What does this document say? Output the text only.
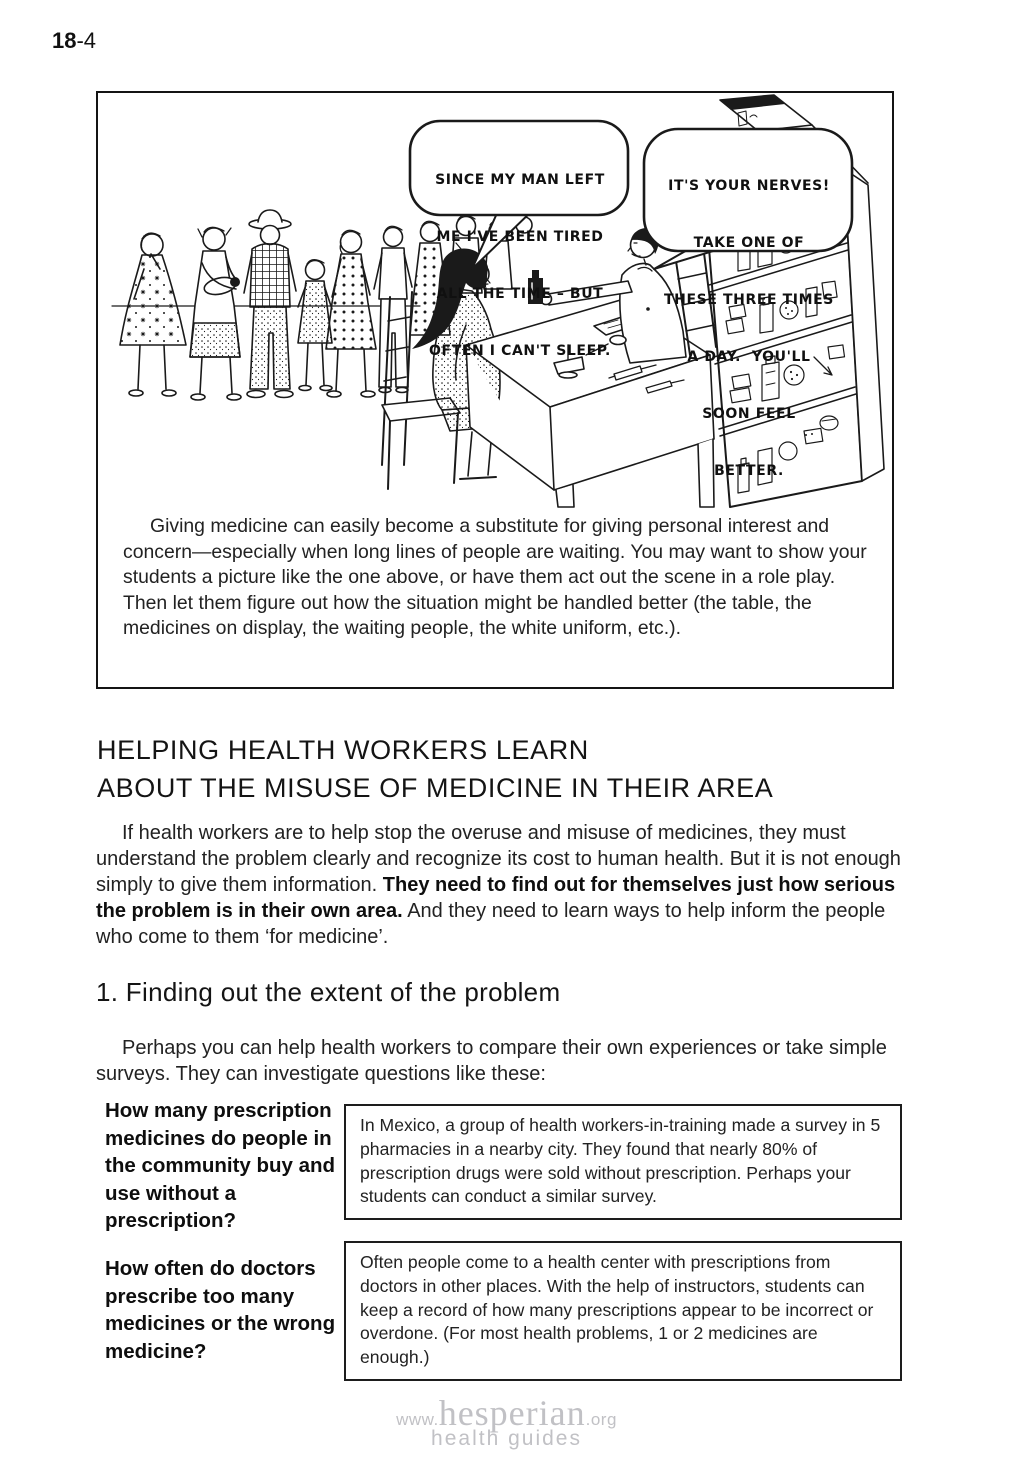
18-4

SINCE MY MAN LEFT

ME I'VE BEEN TIRED

ALL THE TIME – BUT

OFTEN I CAN'T SLEEP.

IT'S YOUR NERVES!

TAKE ONE OF

THESE THREE TIMES

A DAY.  YOU'LL

SOON FEEL

BETTER.

Giving medicine can easily become a substitute for giving personal interest and concern—especially when long lines of people are waiting. You may want to show your students a picture like the one above, or have them act out the scene in a role play. Then let them figure out how the situation might be handled better (the table, the medicines on display, the waiting people, the white uniform, etc.).

HELPING HEALTH WORKERS LEARN
ABOUT THE MISUSE OF MEDICINE IN THEIR AREA

If health workers are to help stop the overuse and misuse of medicines, they must understand the problem clearly and recognize its cost to human health. But it is not enough simply to give them information. They need to find out for themselves just how serious the problem is in their own area. And they need to learn ways to help inform the people who come to them ‘for medicine’.

1. Finding out the extent of the problem

Perhaps you can help health workers to compare their own experiences or take simple surveys. They can investigate questions like these:

How many prescription medicines do people in the community buy and use without a prescription?

In Mexico, a group of health workers-in-training made a survey in 5 pharmacies in a nearby city. They found that nearly 80% of prescription drugs were sold without prescription. Perhaps your students can conduct a similar survey.

How often do doctors prescribe too many medicines or the wrong medicine?

Often people come to a health center with prescriptions from doctors in other places. With the help of instructors, students can keep a record of how many prescriptions appear to be incorrect or overdone. (For most health problems, 1 or 2 medicines are enough.)
www.hesperian.org
health guides
